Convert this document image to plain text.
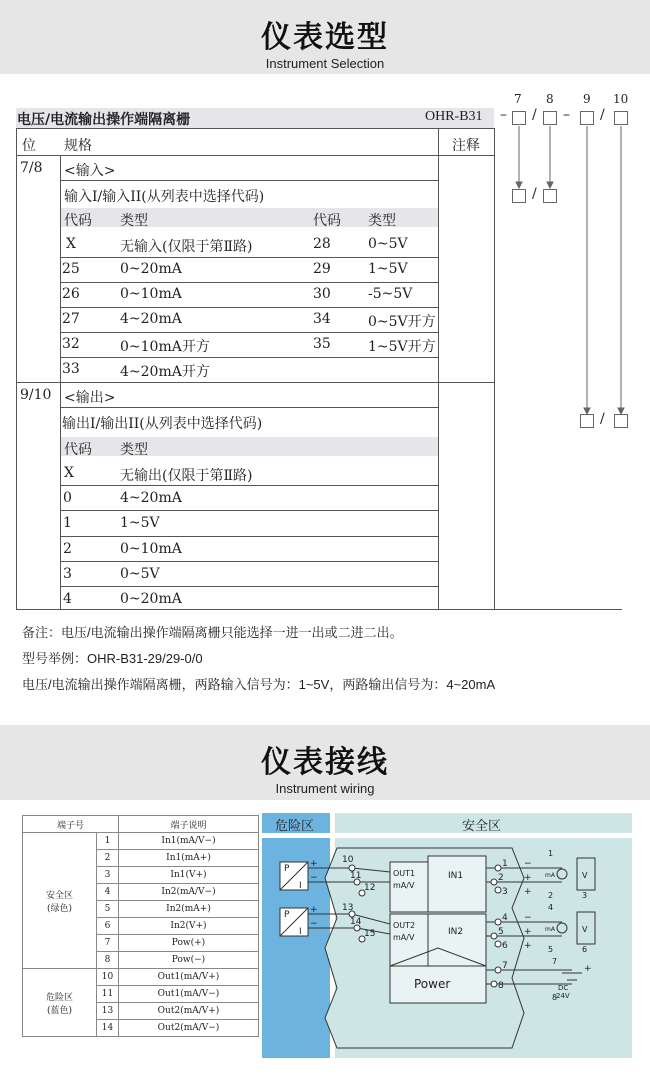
仪表选型
Instrument Selection
电压/电流输出操作端隔离栅	OHR-B31 – / – /
7 8 9 10
/
/
位 规格	注释
7/8 <输入>
输入I/输入II(从列表中选择代码)
代码 类型	代码 类型
X	无输入(仅限于第Ⅱ路)	28	0~5V
25	0~20mA	29	1~5V
26	0~10mA	30	-5~5V
27	4~20mA	34	0~5V开方
32	0~10mA开方	35	1~5V开方
33	4~20mA开方
9/10 <输出>
输出I/输出II(从列表中选择代码)
代码 类型
X	无输出(仅限于第Ⅱ路)
0	4~20mA
1	1~5V
2	0~10mA
3	0~5V
4	0~20mA
备注：电压/电流输出操作端隔离栅只能选择一进一出或二进二出。
型号举例：OHR-B31-29/29-0/0
电压/电流输出操作端隔离栅，两路输入信号为：1~5V，两路输出信号为：4~20mA
仪表接线
Instrument wiring
端子号		端子说明
安全区
(绿色)	1	In1(mA/V−)
	2	In1(mA+)
	3	In1(V+)
	4	In2(mA/V−)
	5	In2(mA+)
	6	In2(V+)
	7	Pow(+)
	8	Pow(−)
危险区
(蓝色)	10	Out1(mA/V+)
	11	Out1(mA/V−)
	13	Out2(mA/V+)
	14	Out2(mA/V−)
危险区	安全区
P
I
P
I
+
−
+
−
10
11
12
13
14
15
OUT1
mA/V
OUT2
mA/V
IN1
IN2
Power
1
2
3
4
5
6
7
8
−
+
+
−
+
+
1
2	3
4
5	6
7
8
mA	V
mA	V
+
DC
24V
